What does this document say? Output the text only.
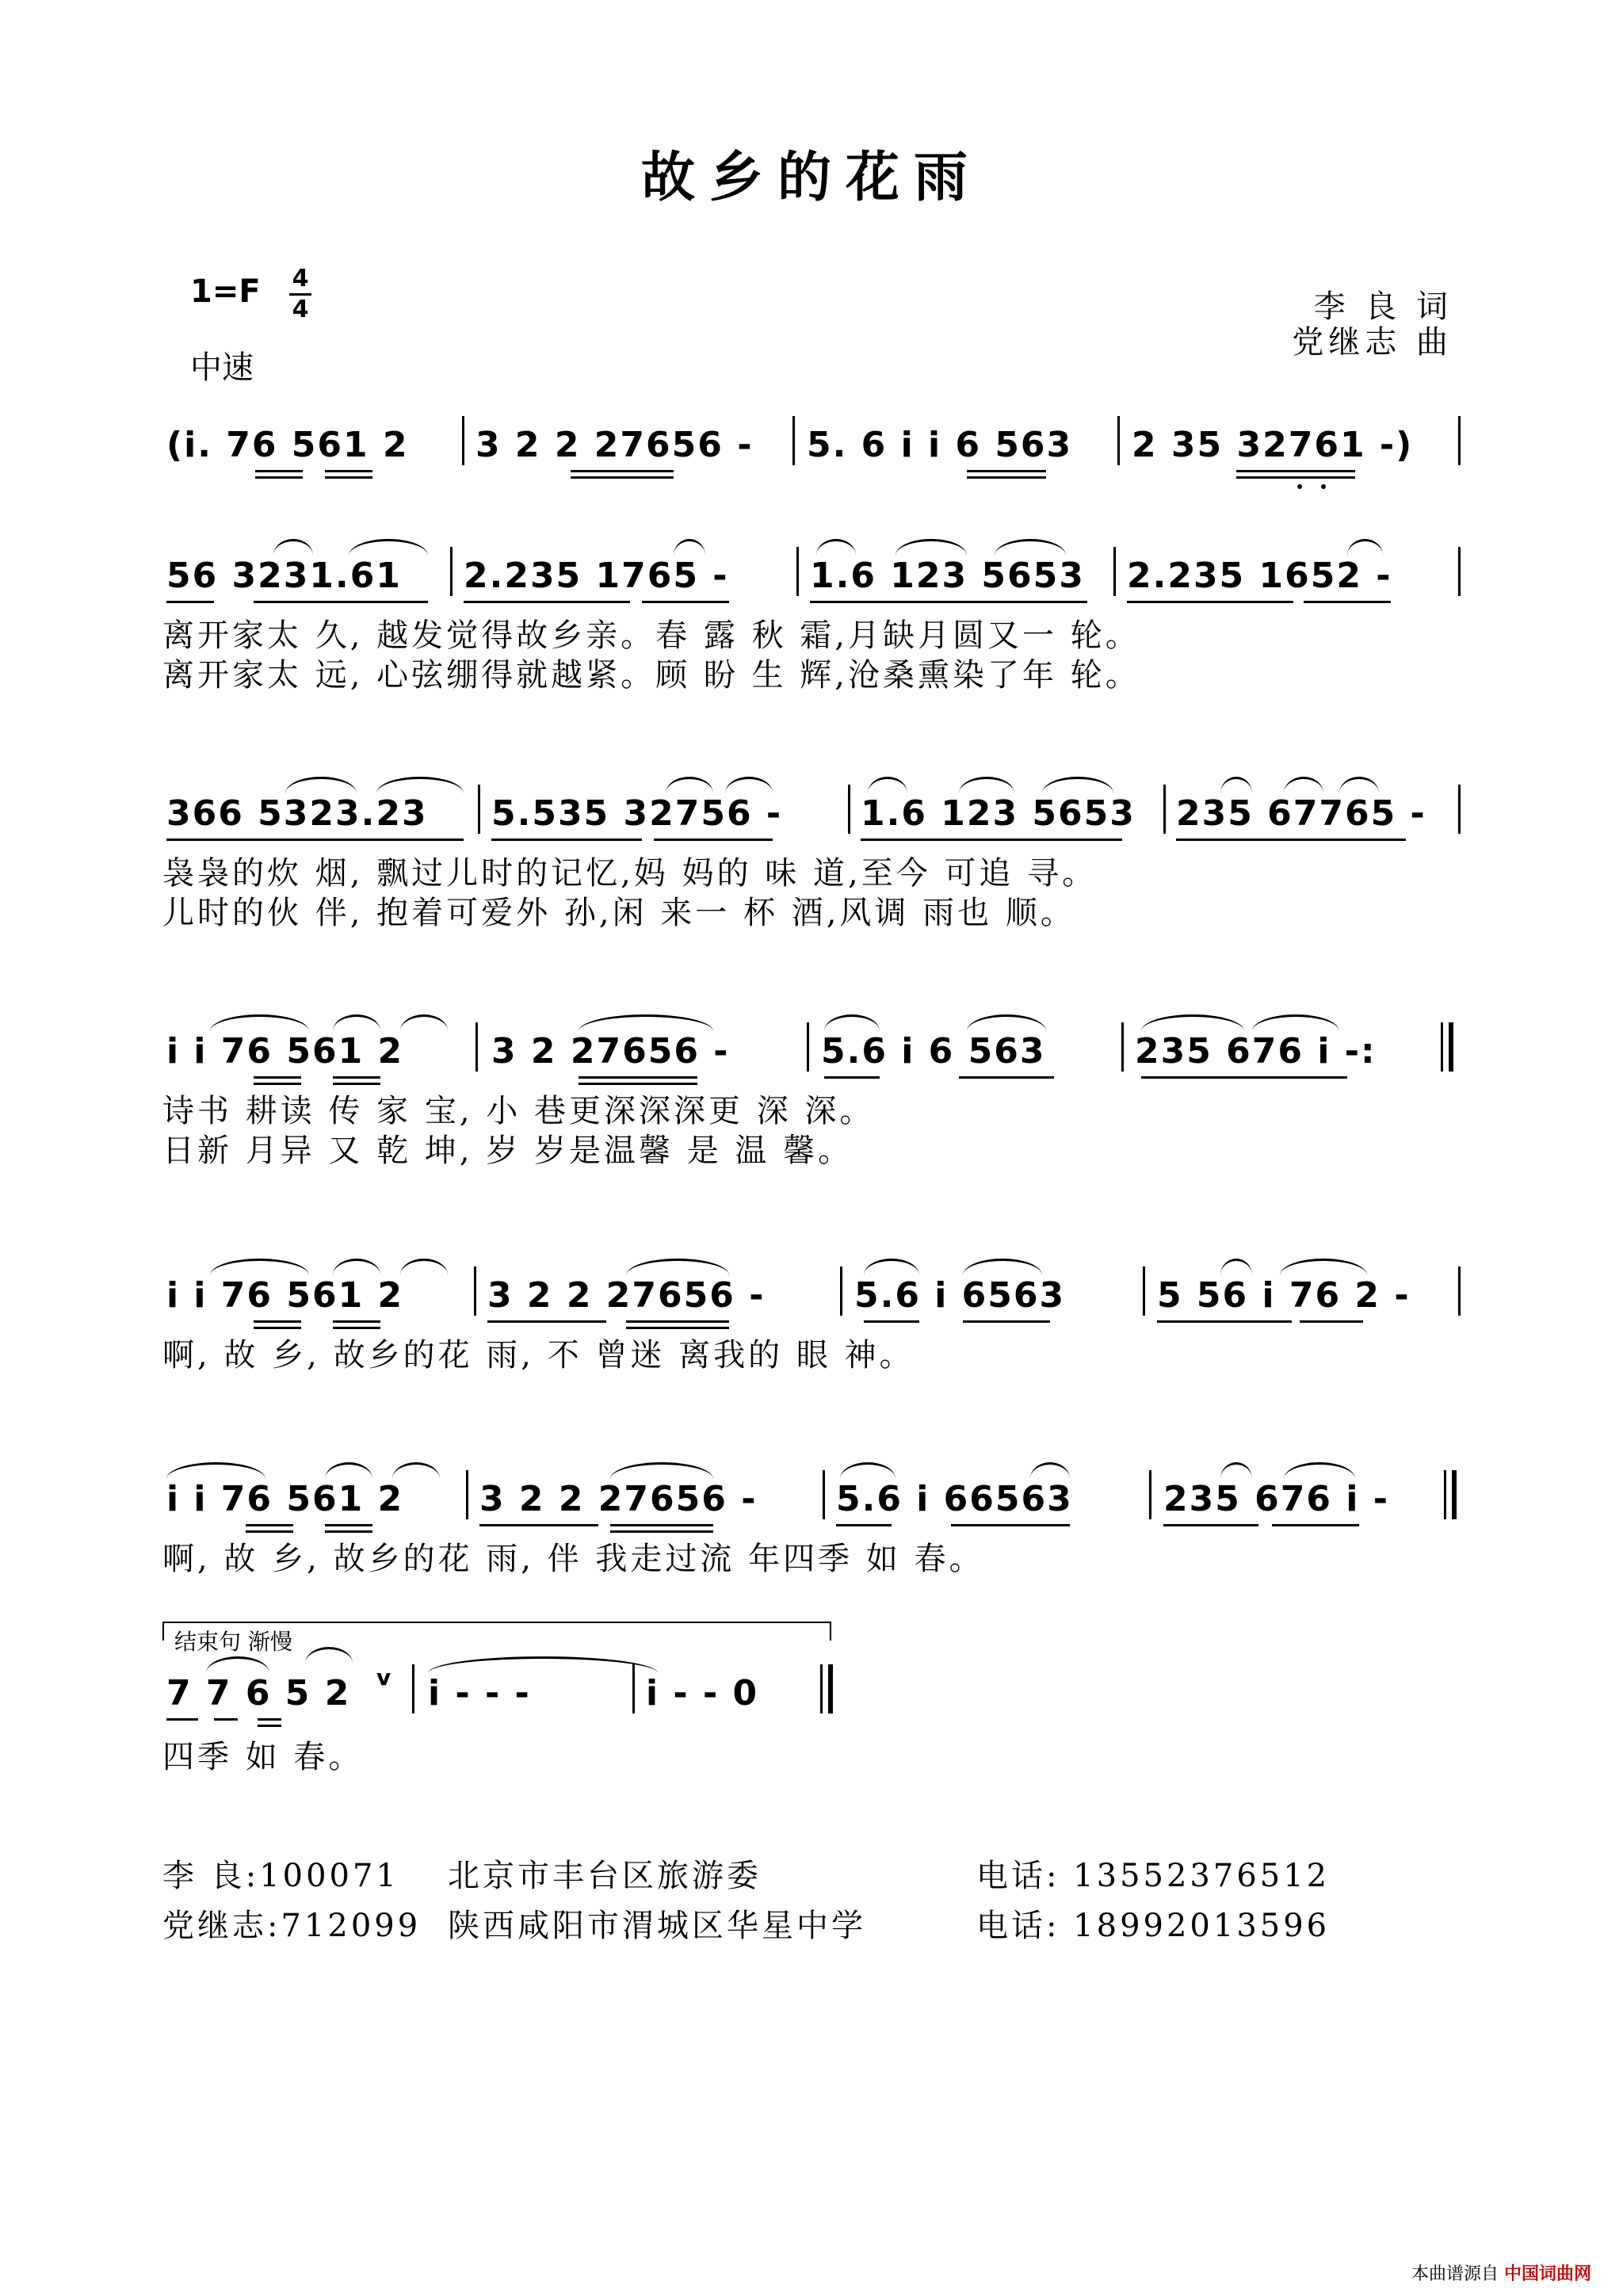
故乡的花雨
1=F 4
4
中速
李 良 词
党继志 曲
(i. 76 561 2	3 2 2 27656 -	5. 6 i i 6 563	2 35 32761 -)
56 3231.61	2.235 1765 -	1.6 123 5653	2.235 1652 -
离开家太 久, 越发觉得故乡亲。春 露 秋 霜,月缺月圆又一 轮。
离开家太 远, 心弦绷得就越紧。顾 盼 生 辉,沧桑熏染了年 轮。
366 5323.23	5.535 32756 -	1.6 123 5653	235 67765 -
袅袅的炊 烟, 飘过儿时的记忆,妈 妈的 味 道,至今 可追 寻。
儿时的伙 伴, 抱着可爱外 孙,闲 来一 杯 酒,风调 雨也 顺。
i i 76 561 2	3 2 27656 -	5.6 i 6 563	235 676 i -:
诗书 耕读 传 家 宝, 小 巷更深深深更 深 深。
日新 月异 又 乾 坤, 岁 岁是温馨 是 温 馨。
i i 76 561 2	3 2 2 27656 -	5.6 i 6563	5 56 i 76 2 -
啊, 故 乡, 故乡的花 雨, 不 曾迷 离我的 眼 神。
i i 76 561 2	3 2 2 27656 -	5.6 i 66563	235 676 i -
啊, 故 乡, 故乡的花 雨, 伴 我走过流 年四季 如 春。
结束句 渐慢
7 7 6 5 2	v i - - -	i - - 0
四季 如 春。
李 良:100071 北京市丰台区旅游委	电话: 13552376512
党继志:712099 陕西咸阳市渭城区华星中学	电话: 18992013596
本曲谱源自 中国词曲网
